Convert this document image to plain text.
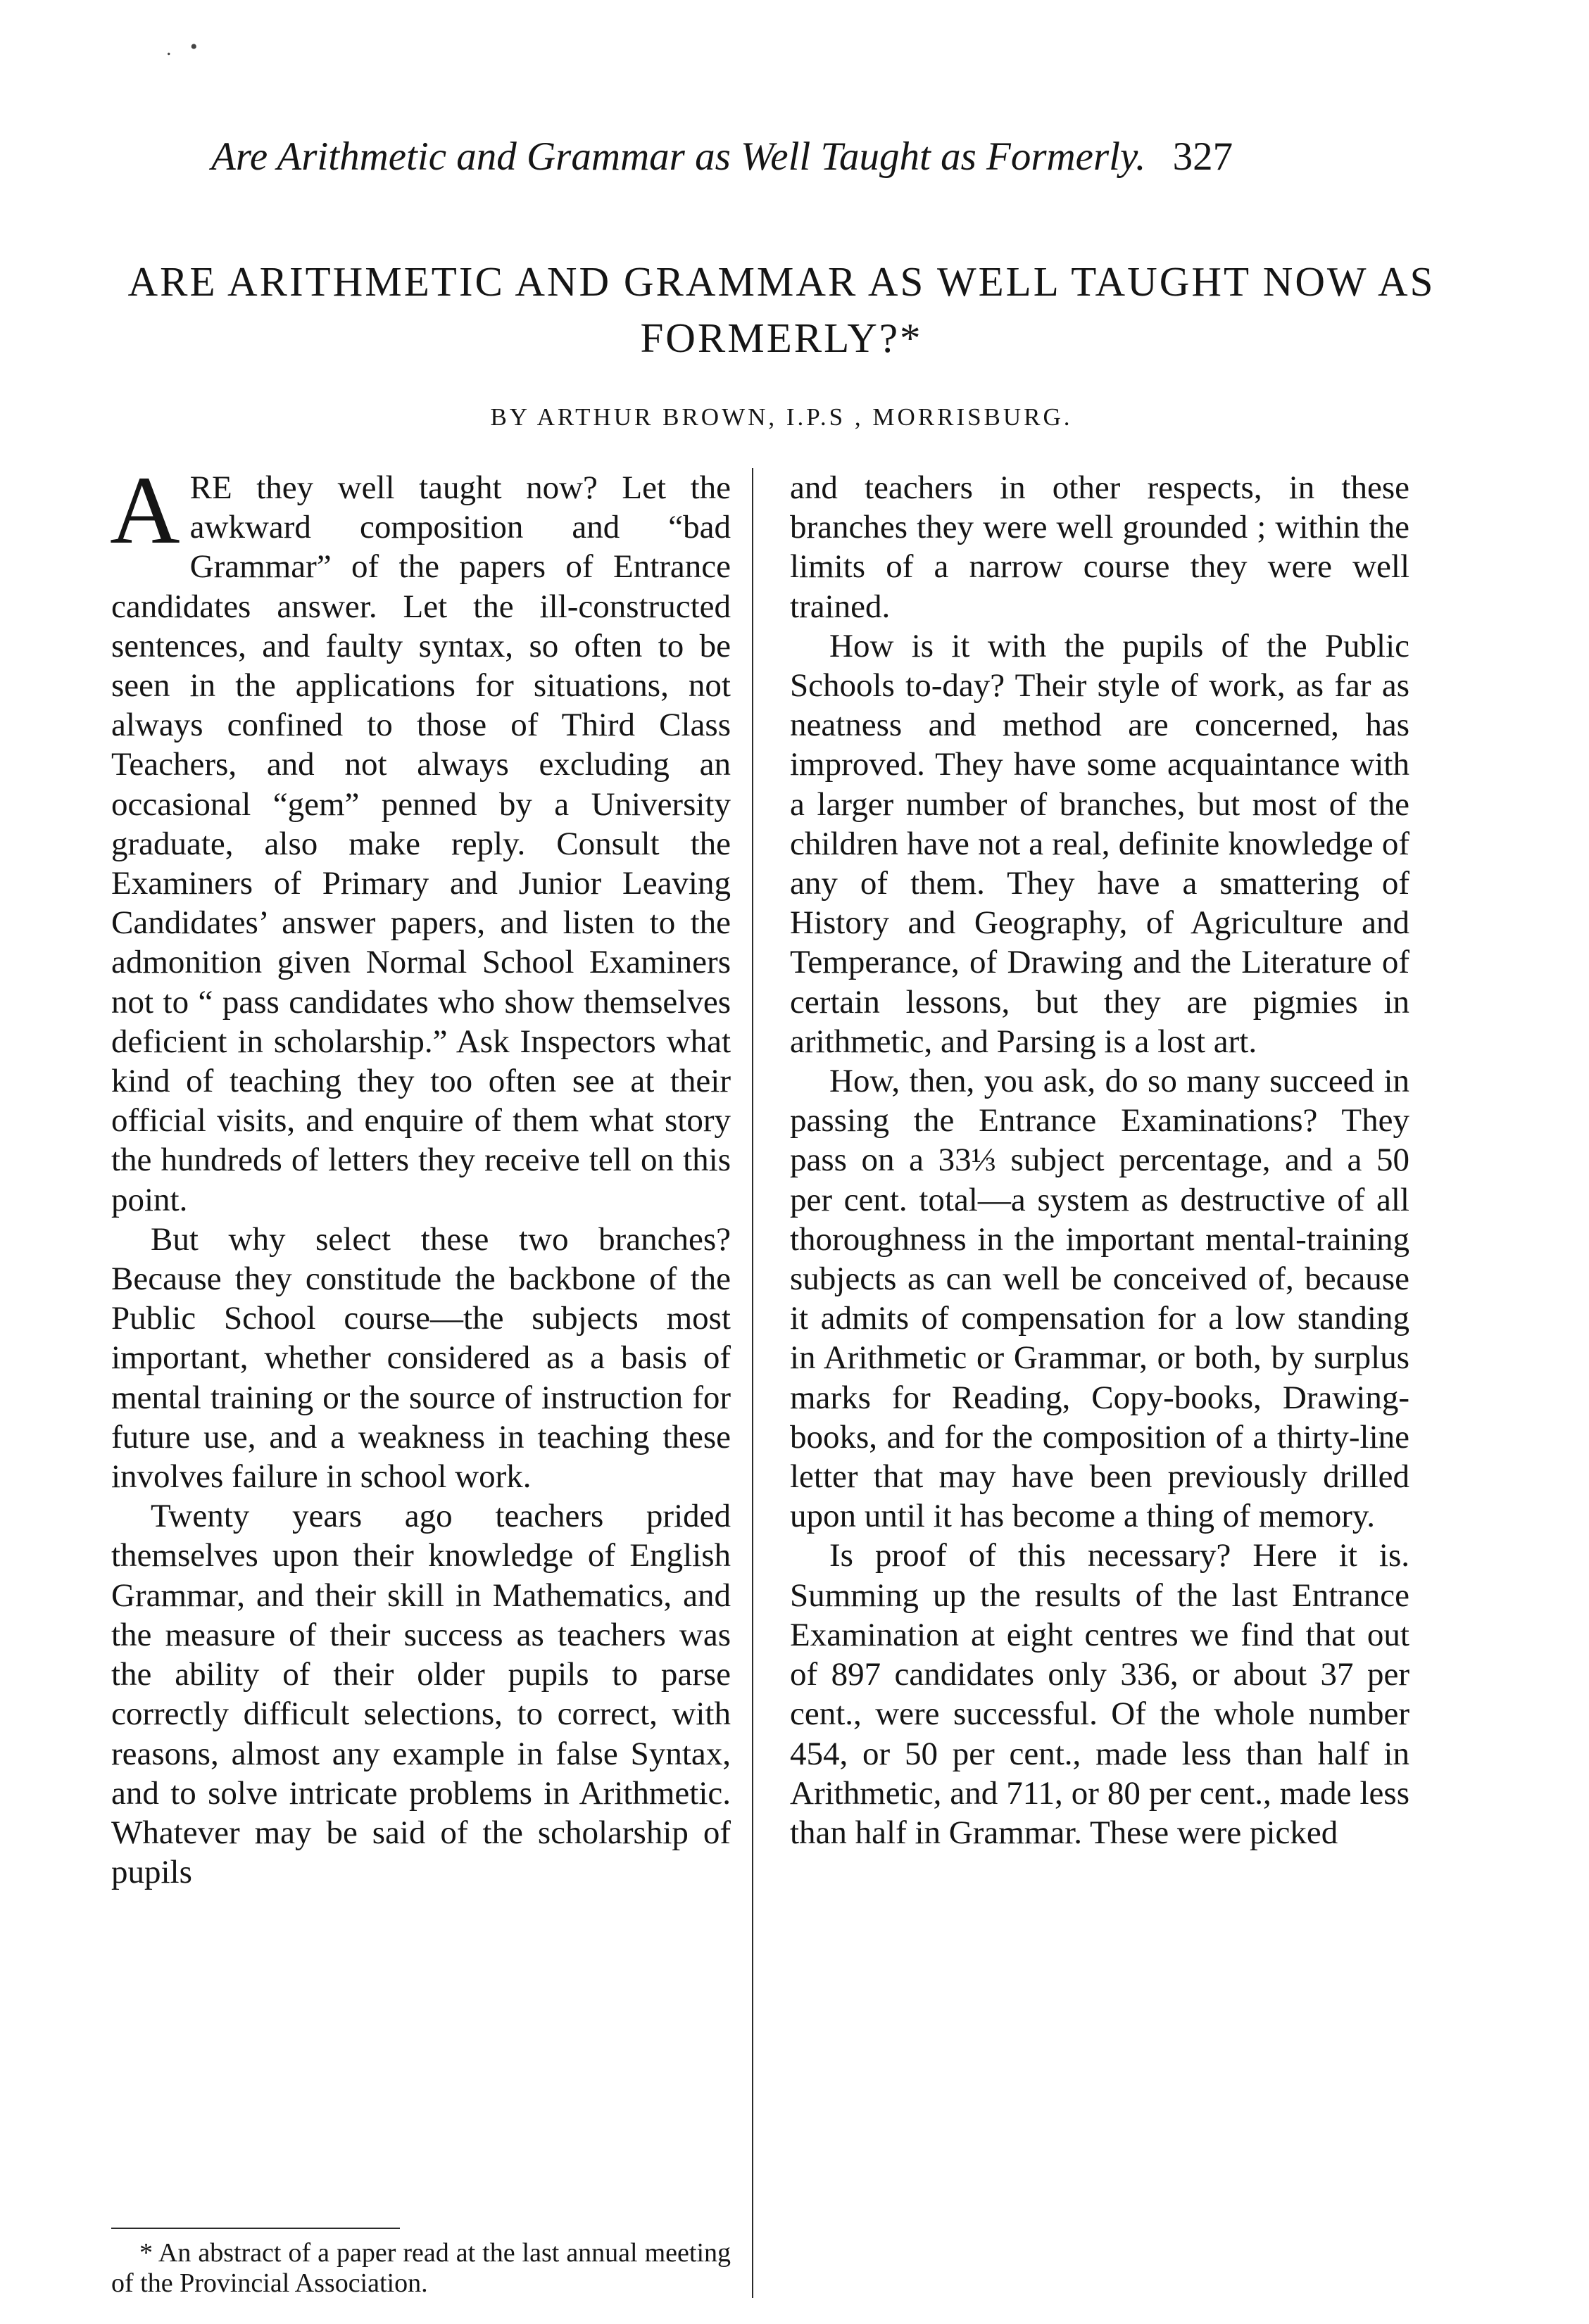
. •
Are Arithmetic and Grammar as Well Taught as Formerly. 327
ARE ARITHMETIC AND GRAMMAR AS WELL TAUGHT NOW AS FORMERLY?*
BY ARTHUR BROWN, I.P.S , MORRISBURG.

ARE they well taught now? Let the awkward composition and “bad Grammar” of the papers of Entrance candidates answer. Let the ill-constructed sentences, and faulty syntax, so often to be seen in the applications for situations, not always confined to those of Third Class Teachers, and not always excluding an occasional “gem” penned by a University graduate, also make reply. Consult the Examiners of Primary and Junior Leaving Candidates’ answer papers, and listen to the admonition given Normal School Examiners not to “ pass candidates who show themselves deficient in scholarship.” Ask Inspectors what kind of teaching they too often see at their official visits, and enquire of them what story the hundreds of letters they receive tell on this point.

But why select these two branches? Because they constitude the backbone of the Public School course—the subjects most important, whether considered as a basis of mental training or the source of instruction for future use, and a weakness in teaching these involves failure in school work.

Twenty years ago teachers prided themselves upon their knowledge of English Grammar, and their skill in Mathematics, and the measure of their success as teachers was the ability of their older pupils to parse correctly difficult selections, to correct, with reasons, almost any example in false Syntax, and to solve intricate problems in Arithmetic. Whatever may be said of the scholarship of pupils

and teachers in other respects, in these branches they were well grounded ; within the limits of a narrow course they were well trained.

How is it with the pupils of the Public Schools to-day? Their style of work, as far as neatness and method are concerned, has improved. They have some acquaintance with a larger number of branches, but most of the children have not a real, definite knowledge of any of them. They have a smattering of History and Geography, of Agriculture and Temperance, of Drawing and the Literature of certain lessons, but they are pigmies in arithmetic, and Parsing is a lost art.

How, then, you ask, do so many succeed in passing the Entrance Examinations? They pass on a 33⅓ subject percentage, and a 50 per cent. total—a system as destructive of all thoroughness in the important mental-training subjects as can well be conceived of, because it admits of compensation for a low standing in Arithmetic or Grammar, or both, by surplus marks for Reading, Copy-books, Drawing-books, and for the composition of a thirty-line letter that may have been previously drilled upon until it has become a thing of memory.

Is proof of this necessary? Here it is. Summing up the results of the last Entrance Examination at eight centres we find that out of 897 candidates only 336, or about 37 per cent., were successful. Of the whole number 454, or 50 per cent., made less than half in Arithmetic, and 711, or 80 per cent., made less than half in Grammar. These were picked

* An abstract of a paper read at the last annual meeting of the Provincial Association.
